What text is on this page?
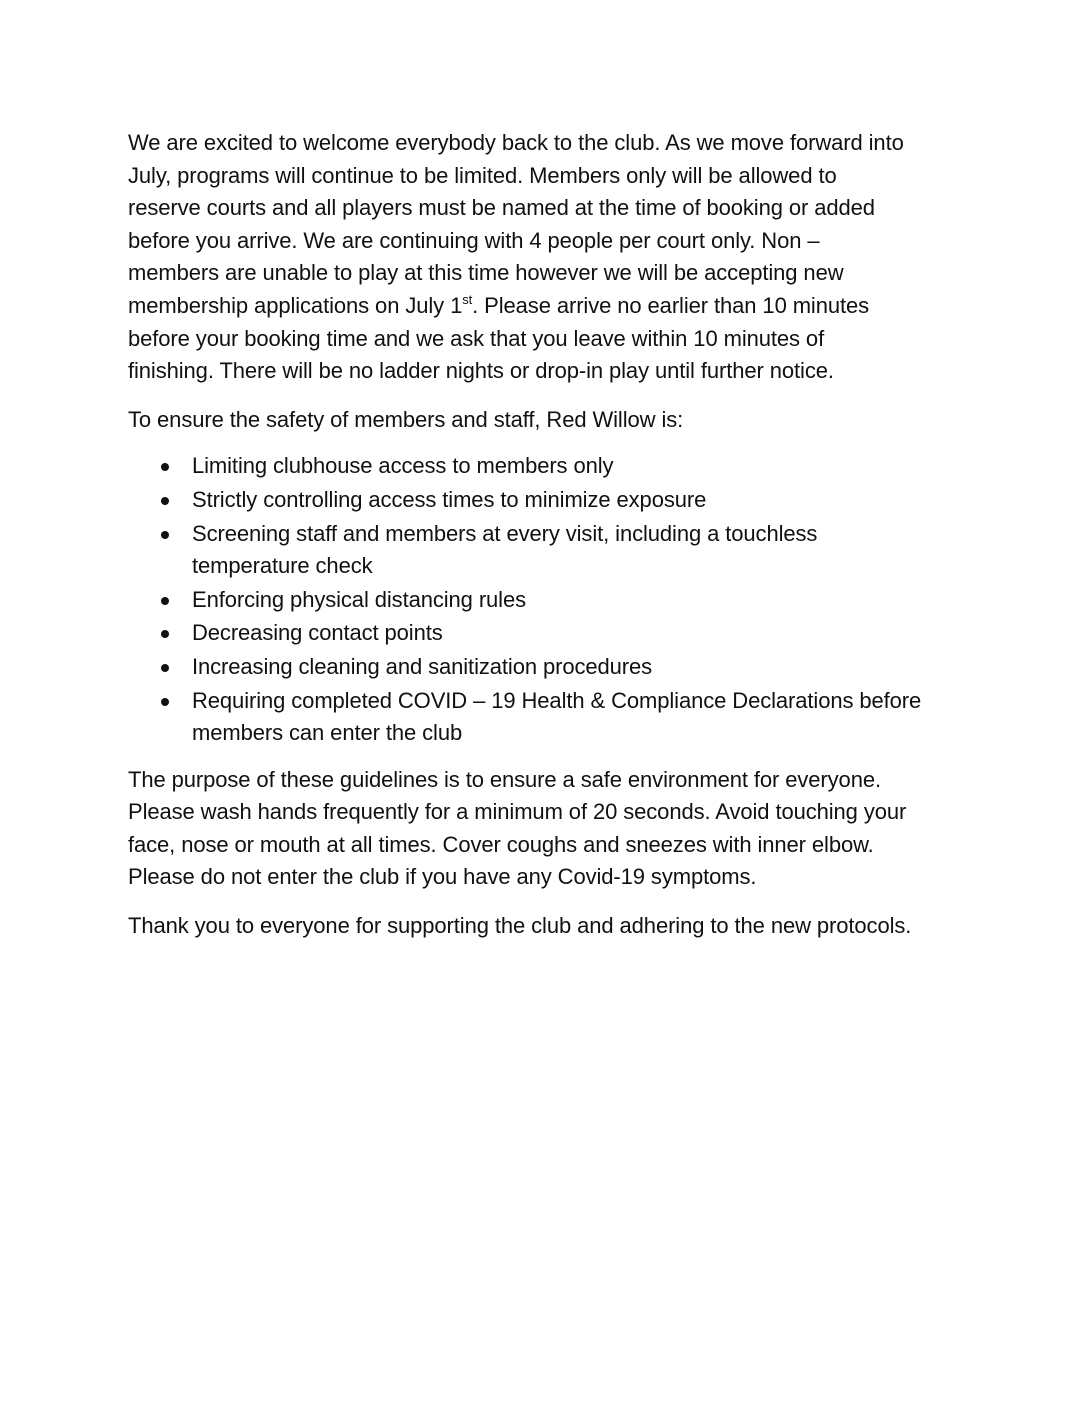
We are excited to welcome everybody back to the club. As we move forward into
July, programs will continue to be limited. Members only will be allowed to
reserve courts and all players must be named at the time of booking or added
before you arrive. We are continuing with 4 people per court only. Non –
members are unable to play at this time however we will be accepting new
membership applications on July 1st. Please arrive no earlier than 10 minutes
before your booking time and we ask that you leave within 10 minutes of
finishing. There will be no ladder nights or drop-in play until further notice.

To ensure the safety of members and staff, Red Willow is:

Limiting clubhouse access to members only
Strictly controlling access times to minimize exposure
Screening staff and members at every visit, including a touchless
temperature check
Enforcing physical distancing rules
Decreasing contact points
Increasing cleaning and sanitization procedures
Requiring completed COVID – 19 Health & Compliance Declarations before
members can enter the club

The purpose of these guidelines is to ensure a safe environment for everyone.
Please wash hands frequently for a minimum of 20 seconds. Avoid touching your
face, nose or mouth at all times. Cover coughs and sneezes with inner elbow.
Please do not enter the club if you have any Covid-19 symptoms.

Thank you to everyone for supporting the club and adhering to the new protocols.
